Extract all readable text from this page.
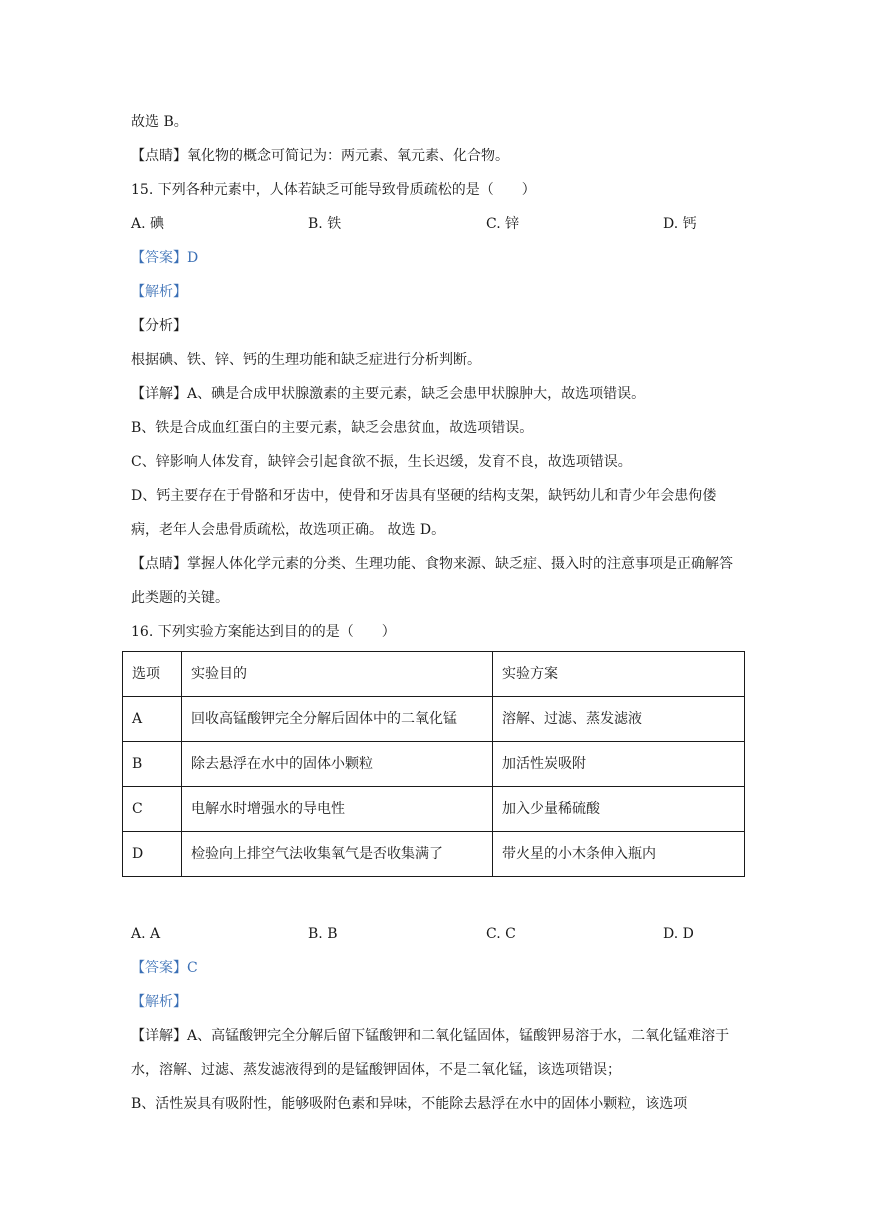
故选 B。
【点睛】氧化物的概念可简记为：两元素、氧元素、化合物。
15. 下列各种元素中，人体若缺乏可能导致骨质疏松的是（　　）
A. 碘	B. 铁	C. 锌	D. 钙
【答案】D
【解析】
【分析】
根据碘、铁、锌、钙的生理功能和缺乏症进行分析判断。
【详解】A、碘是合成甲状腺激素的主要元素，缺乏会患甲状腺肿大，故选项错误。
B、铁是合成血红蛋白的主要元素，缺乏会患贫血，故选项错误。
C、锌影响人体发育，缺锌会引起食欲不振，生长迟缓，发育不良，故选项错误。
D、钙主要存在于骨骼和牙齿中，使骨和牙齿具有坚硬的结构支架，缺钙幼儿和青少年会患佝偻病，老年人会患骨质疏松，故选项正确。 故选 D。
【点睛】掌握人体化学元素的分类、生理功能、食物来源、缺乏症、摄入时的注意事项是正确解答此类题的关键。
16. 下列实验方案能达到目的的是（　　）
选项	实验目的	实验方案
A	回收高锰酸钾完全分解后固体中的二氧化锰	溶解、过滤、蒸发滤液
B	除去悬浮在水中的固体小颗粒	加活性炭吸附
C	电解水时增强水的导电性	加入少量稀硫酸
D	检验向上排空气法收集氧气是否收集满了	带火星的小木条伸入瓶内
A. A	B. B	C. C	D. D
【答案】C
【解析】
【详解】A、高锰酸钾完全分解后留下锰酸钾和二氧化锰固体，锰酸钾易溶于水，二氧化锰难溶于水，溶解、过滤、蒸发滤液得到的是锰酸钾固体，不是二氧化锰，该选项错误；
B、活性炭具有吸附性，能够吸附色素和异味，不能除去悬浮在水中的固体小颗粒，该选项
